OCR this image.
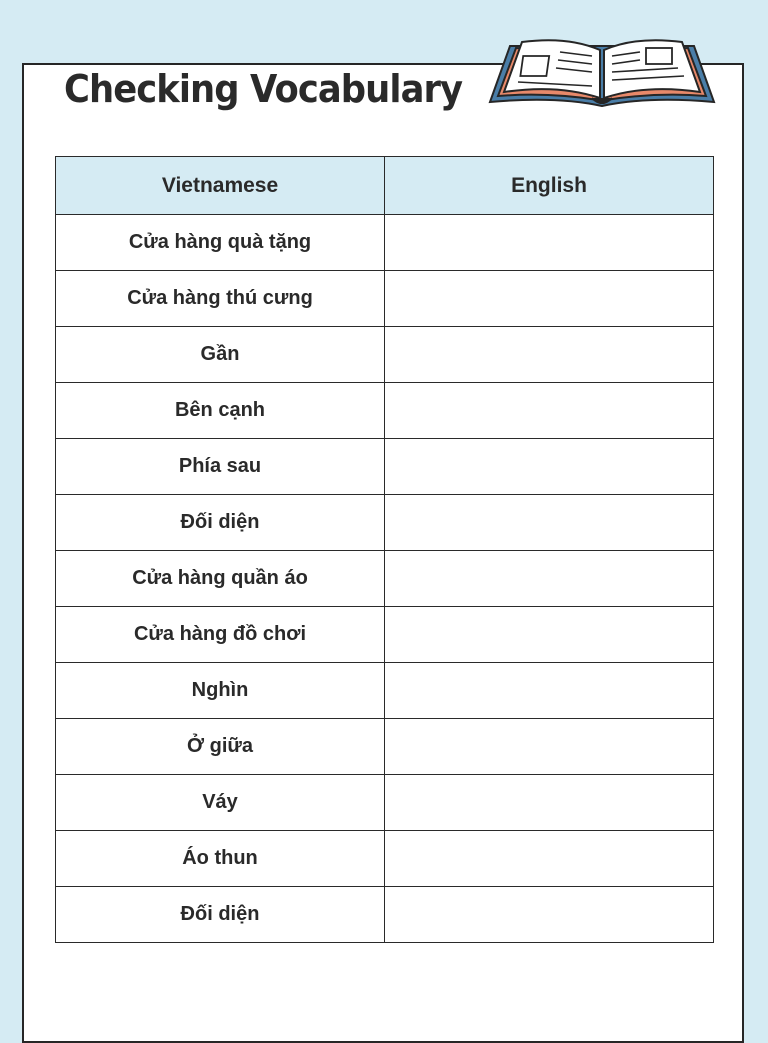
Checking Vocabulary
Vietnamese	English
Cửa hàng quà tặng	
Cửa hàng thú cưng	
Gần	
Bên cạnh	
Phía sau	
Đối diện	
Cửa hàng quần áo	
Cửa hàng đồ chơi	
Nghìn	
Ở giữa	
Váy	
Áo thun	
Đối diện	
